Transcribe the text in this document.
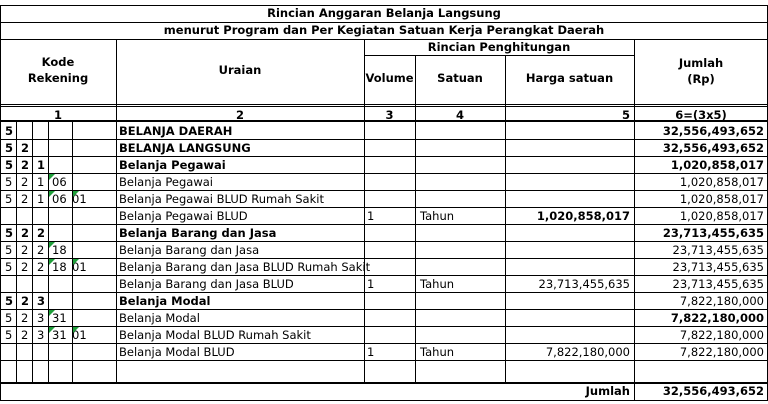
Rincian Anggaran Belanja Langsung
menurut Program dan Per Kegiatan Satuan Kerja Perangkat Daerah
Kode
Rekening
Uraian
Rincian Penghitungan
Volume	Satuan	Harga satuan
Jumlah
(Rp)
1	2	3	4	5	6=(3x5)
5	BELANJA DAERAH	32,556,493,652
5 2	BELANJA LANGSUNG	32,556,493,652
5 2 1	Belanja Pegawai	1,020,858,017
5 2 1 06	Belanja Pegawai	1,020,858,017
5 2 1 06 01	Belanja Pegawai BLUD Rumah Sakit	1,020,858,017
Belanja Pegawai BLUD	1	Tahun	1,020,858,017	1,020,858,017
5 2 2	Belanja Barang dan Jasa	23,713,455,635
5 2 2 18	Belanja Barang dan Jasa	23,713,455,635
5 2 2 18 01	Belanja Barang dan Jasa BLUD Rumah Sakit	23,713,455,635
Belanja Barang dan Jasa BLUD	1	Tahun	23,713,455,635	23,713,455,635
5 2 3	Belanja Modal	7,822,180,000
5 2 3 31	Belanja Modal	7,822,180,000
5 2 3 31 01	Belanja Modal BLUD Rumah Sakit	7,822,180,000
Belanja Modal BLUD	1	Tahun	7,822,180,000	7,822,180,000
Jumlah	32,556,493,652
